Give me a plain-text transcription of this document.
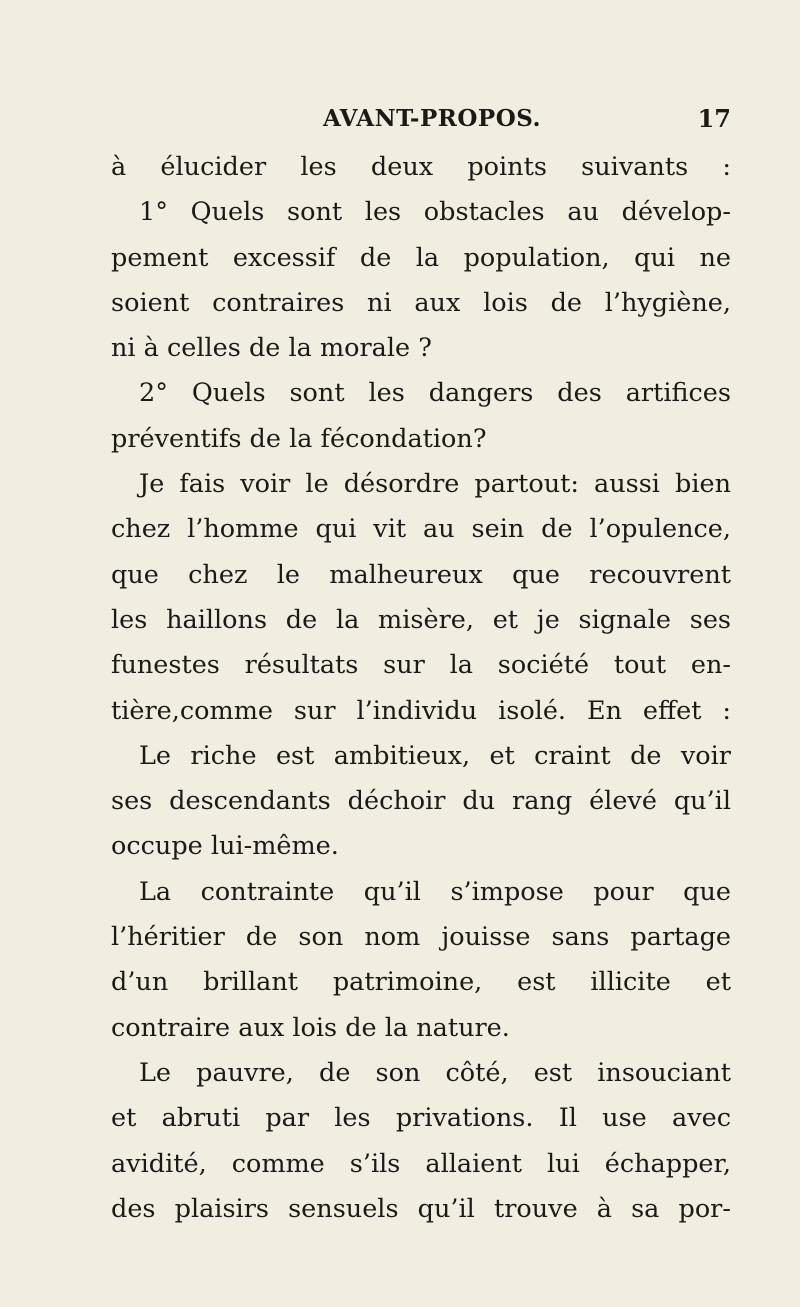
AVANT-PROPOS.	17
à élucider les deux points suivants :
1° Quels sont les obstacles au dévelop-
pement excessif de la population, qui ne
soient contraires ni aux lois de l’hygiène,
ni à celles de la morale ?
2° Quels sont les dangers des artifices
préventifs de la fécondation?
Je fais voir le désordre partout: aussi bien
chez l’homme qui vit au sein de l’opulence,
que chez le malheureux que recouvrent
les haillons de la misère, et je signale ses
funestes résultats sur la société tout en-
tière,comme sur l’individu isolé. En effet :
Le riche est ambitieux, et craint de voir
ses descendants déchoir du rang élevé qu’il
occupe lui-même.
La contrainte qu’il s’impose pour que
l’héritier de son nom jouisse sans partage
d’un brillant patrimoine, est illicite et
contraire aux lois de la nature.
Le pauvre, de son côté, est insouciant
et abruti par les privations. Il use avec
avidité, comme s’ils allaient lui échapper,
des plaisirs sensuels qu’il trouve à sa por-
